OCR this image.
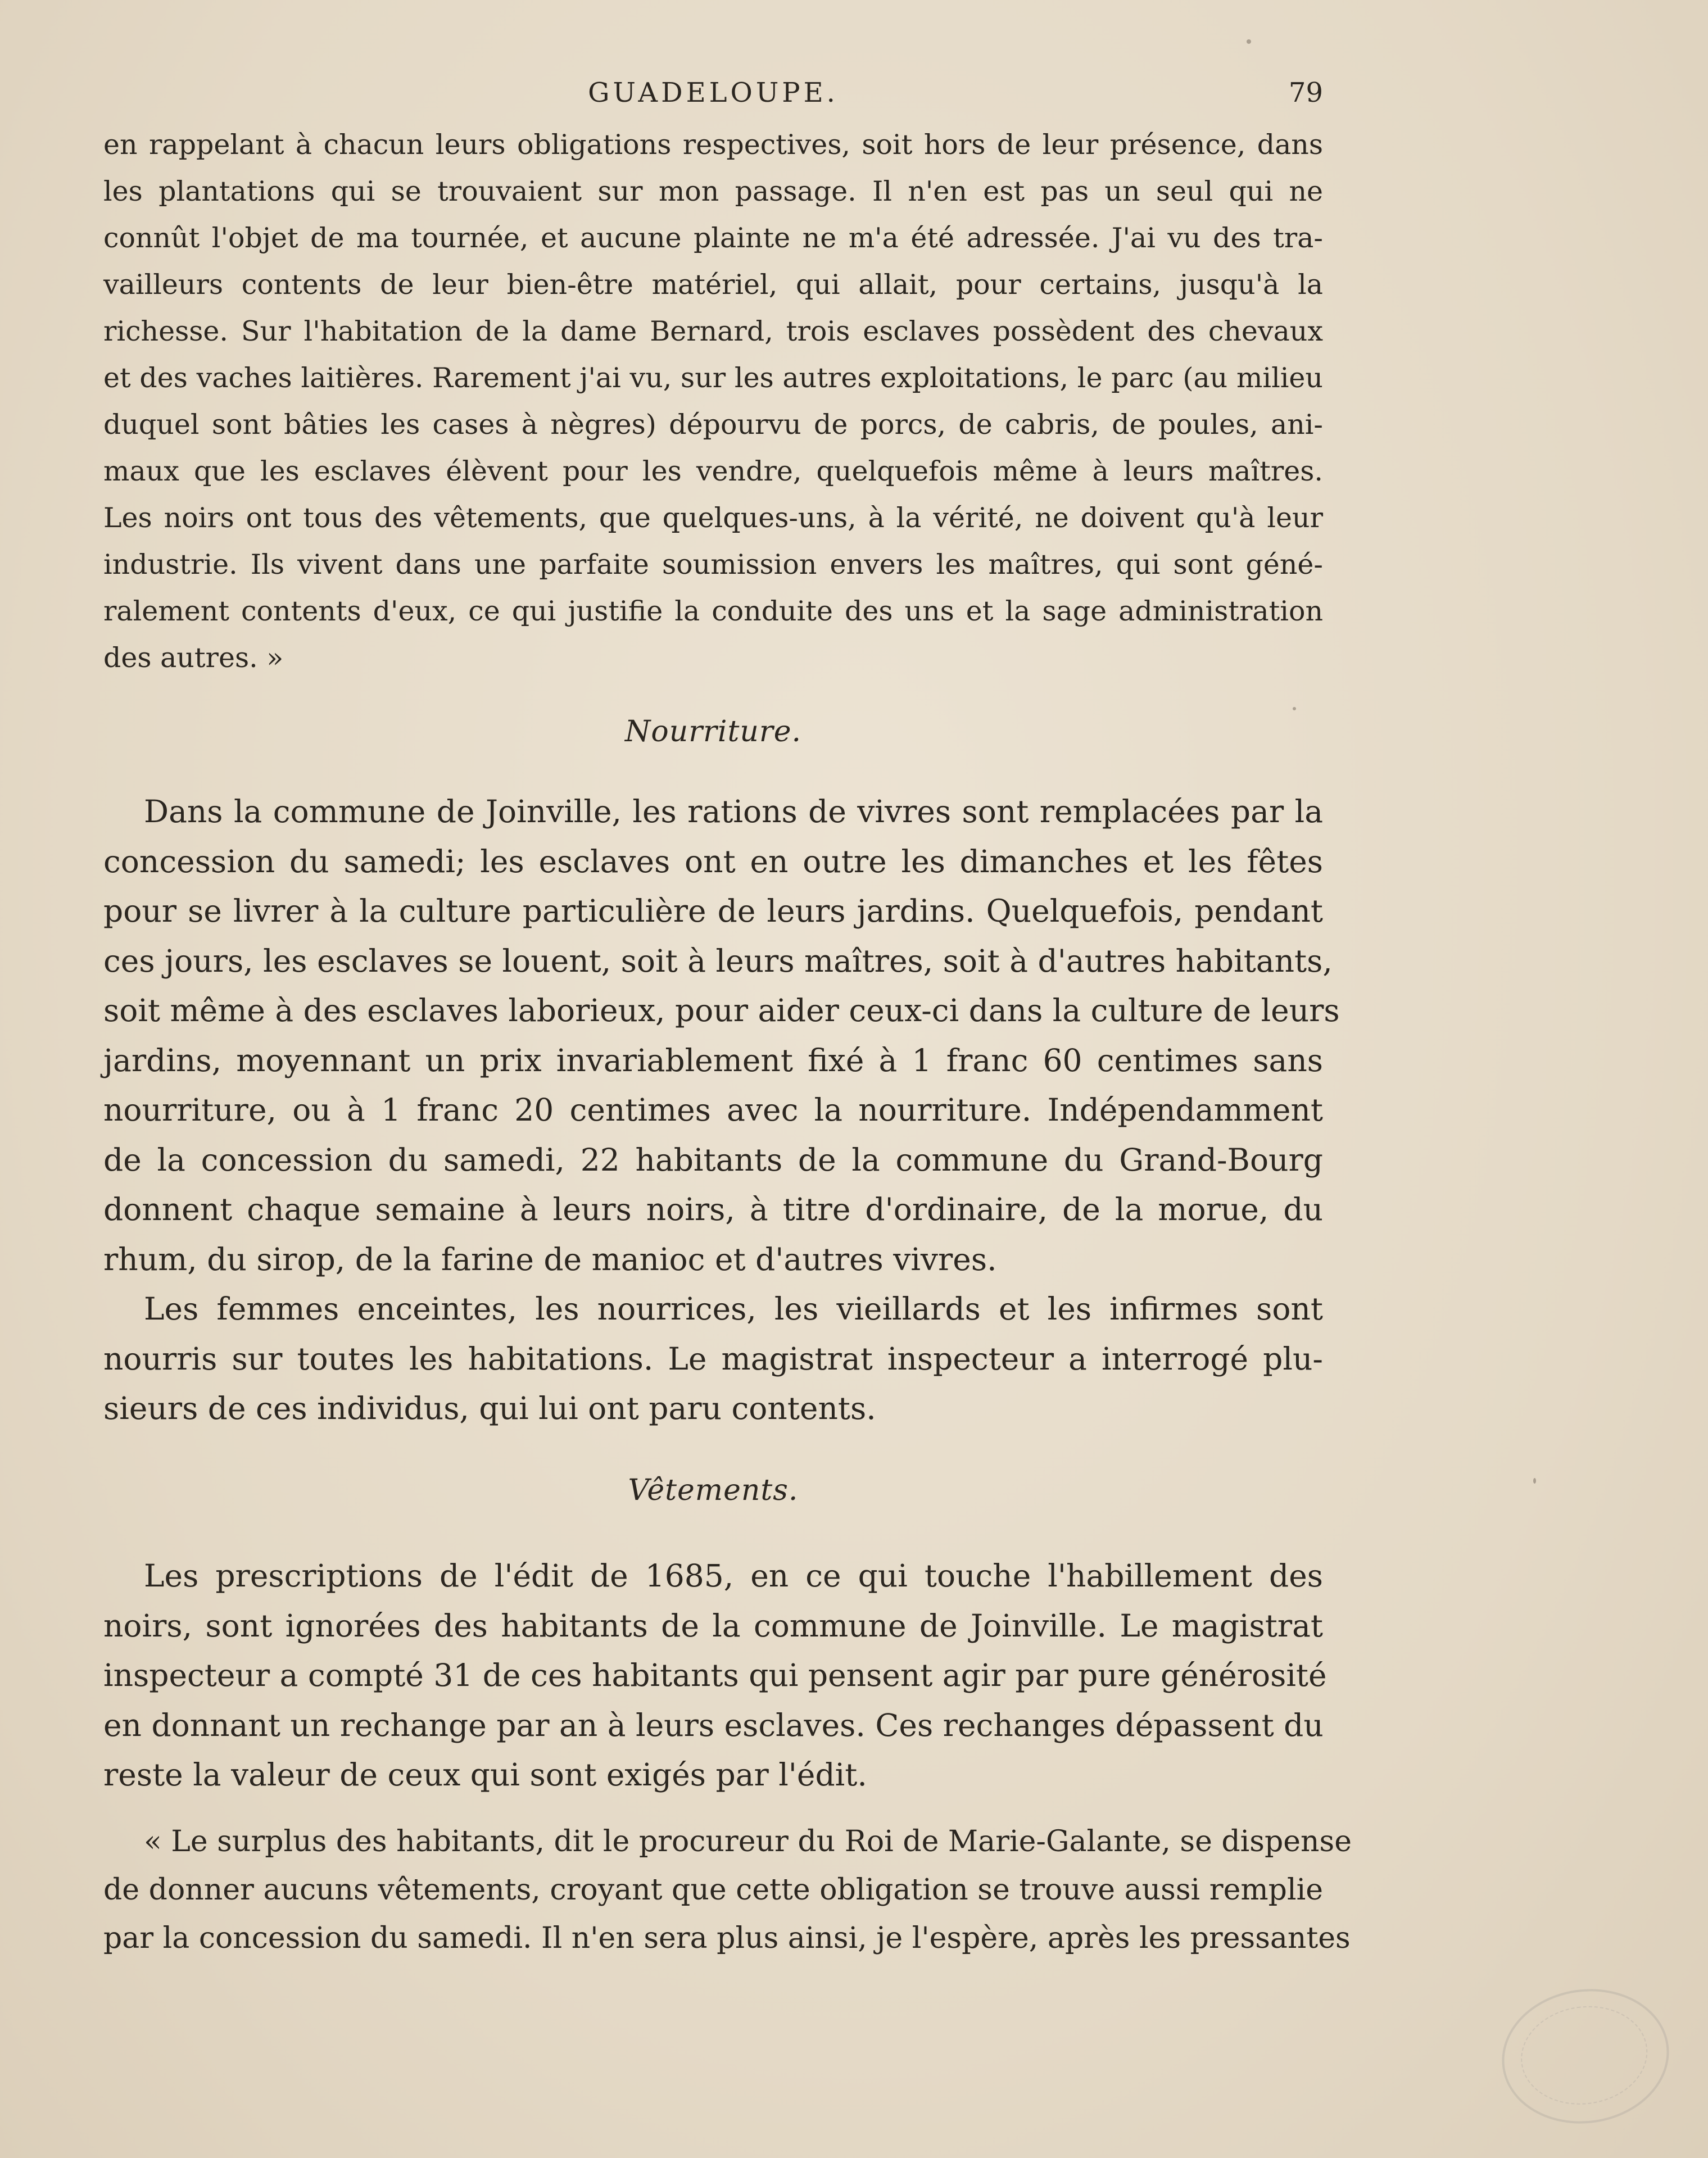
GUADELOUPE.	79
en rappelant à chacun leurs obligations respectives, soit hors de leur présence, dans
les plantations qui se trouvaient sur mon passage. Il n'en est pas un seul qui ne
connût l'objet de ma tournée, et aucune plainte ne m'a été adressée. J'ai vu des tra-
vailleurs contents de leur bien-être matériel, qui allait, pour certains, jusqu'à la
richesse. Sur l'habitation de la dame Bernard, trois esclaves possèdent des chevaux
et des vaches laitières. Rarement j'ai vu, sur les autres exploitations, le parc (au milieu
duquel sont bâties les cases à nègres) dépourvu de porcs, de cabris, de poules, ani-
maux que les esclaves élèvent pour les vendre, quelquefois même à leurs maîtres.
Les noirs ont tous des vêtements, que quelques-uns, à la vérité, ne doivent qu'à leur
industrie. Ils vivent dans une parfaite soumission envers les maîtres, qui sont géné-
ralement contents d'eux, ce qui justifie la conduite des uns et la sage administration
des autres. »
Nourriture.
Dans la commune de Joinville, les rations de vivres sont remplacées par la
concession du samedi; les esclaves ont en outre les dimanches et les fêtes
pour se livrer à la culture particulière de leurs jardins. Quelquefois, pendant
ces jours, les esclaves se louent, soit à leurs maîtres, soit à d'autres habitants,
soit même à des esclaves laborieux, pour aider ceux-ci dans la culture de leurs
jardins, moyennant un prix invariablement fixé à 1 franc 60 centimes sans
nourriture, ou à 1 franc 20 centimes avec la nourriture. Indépendamment
de la concession du samedi, 22 habitants de la commune du Grand-Bourg
donnent chaque semaine à leurs noirs, à titre d'ordinaire, de la morue, du
rhum, du sirop, de la farine de manioc et d'autres vivres.
Les femmes enceintes, les nourrices, les vieillards et les infirmes sont
nourris sur toutes les habitations. Le magistrat inspecteur a interrogé plu-
sieurs de ces individus, qui lui ont paru contents.
Vêtements.
Les prescriptions de l'édit de 1685, en ce qui touche l'habillement des
noirs, sont ignorées des habitants de la commune de Joinville. Le magistrat
inspecteur a compté 31 de ces habitants qui pensent agir par pure générosité
en donnant un rechange par an à leurs esclaves. Ces rechanges dépassent du
reste la valeur de ceux qui sont exigés par l'édit.
« Le surplus des habitants, dit le procureur du Roi de Marie-Galante, se dispense
de donner aucuns vêtements, croyant que cette obligation se trouve aussi remplie
par la concession du samedi. Il n'en sera plus ainsi, je l'espère, après les pressantes
